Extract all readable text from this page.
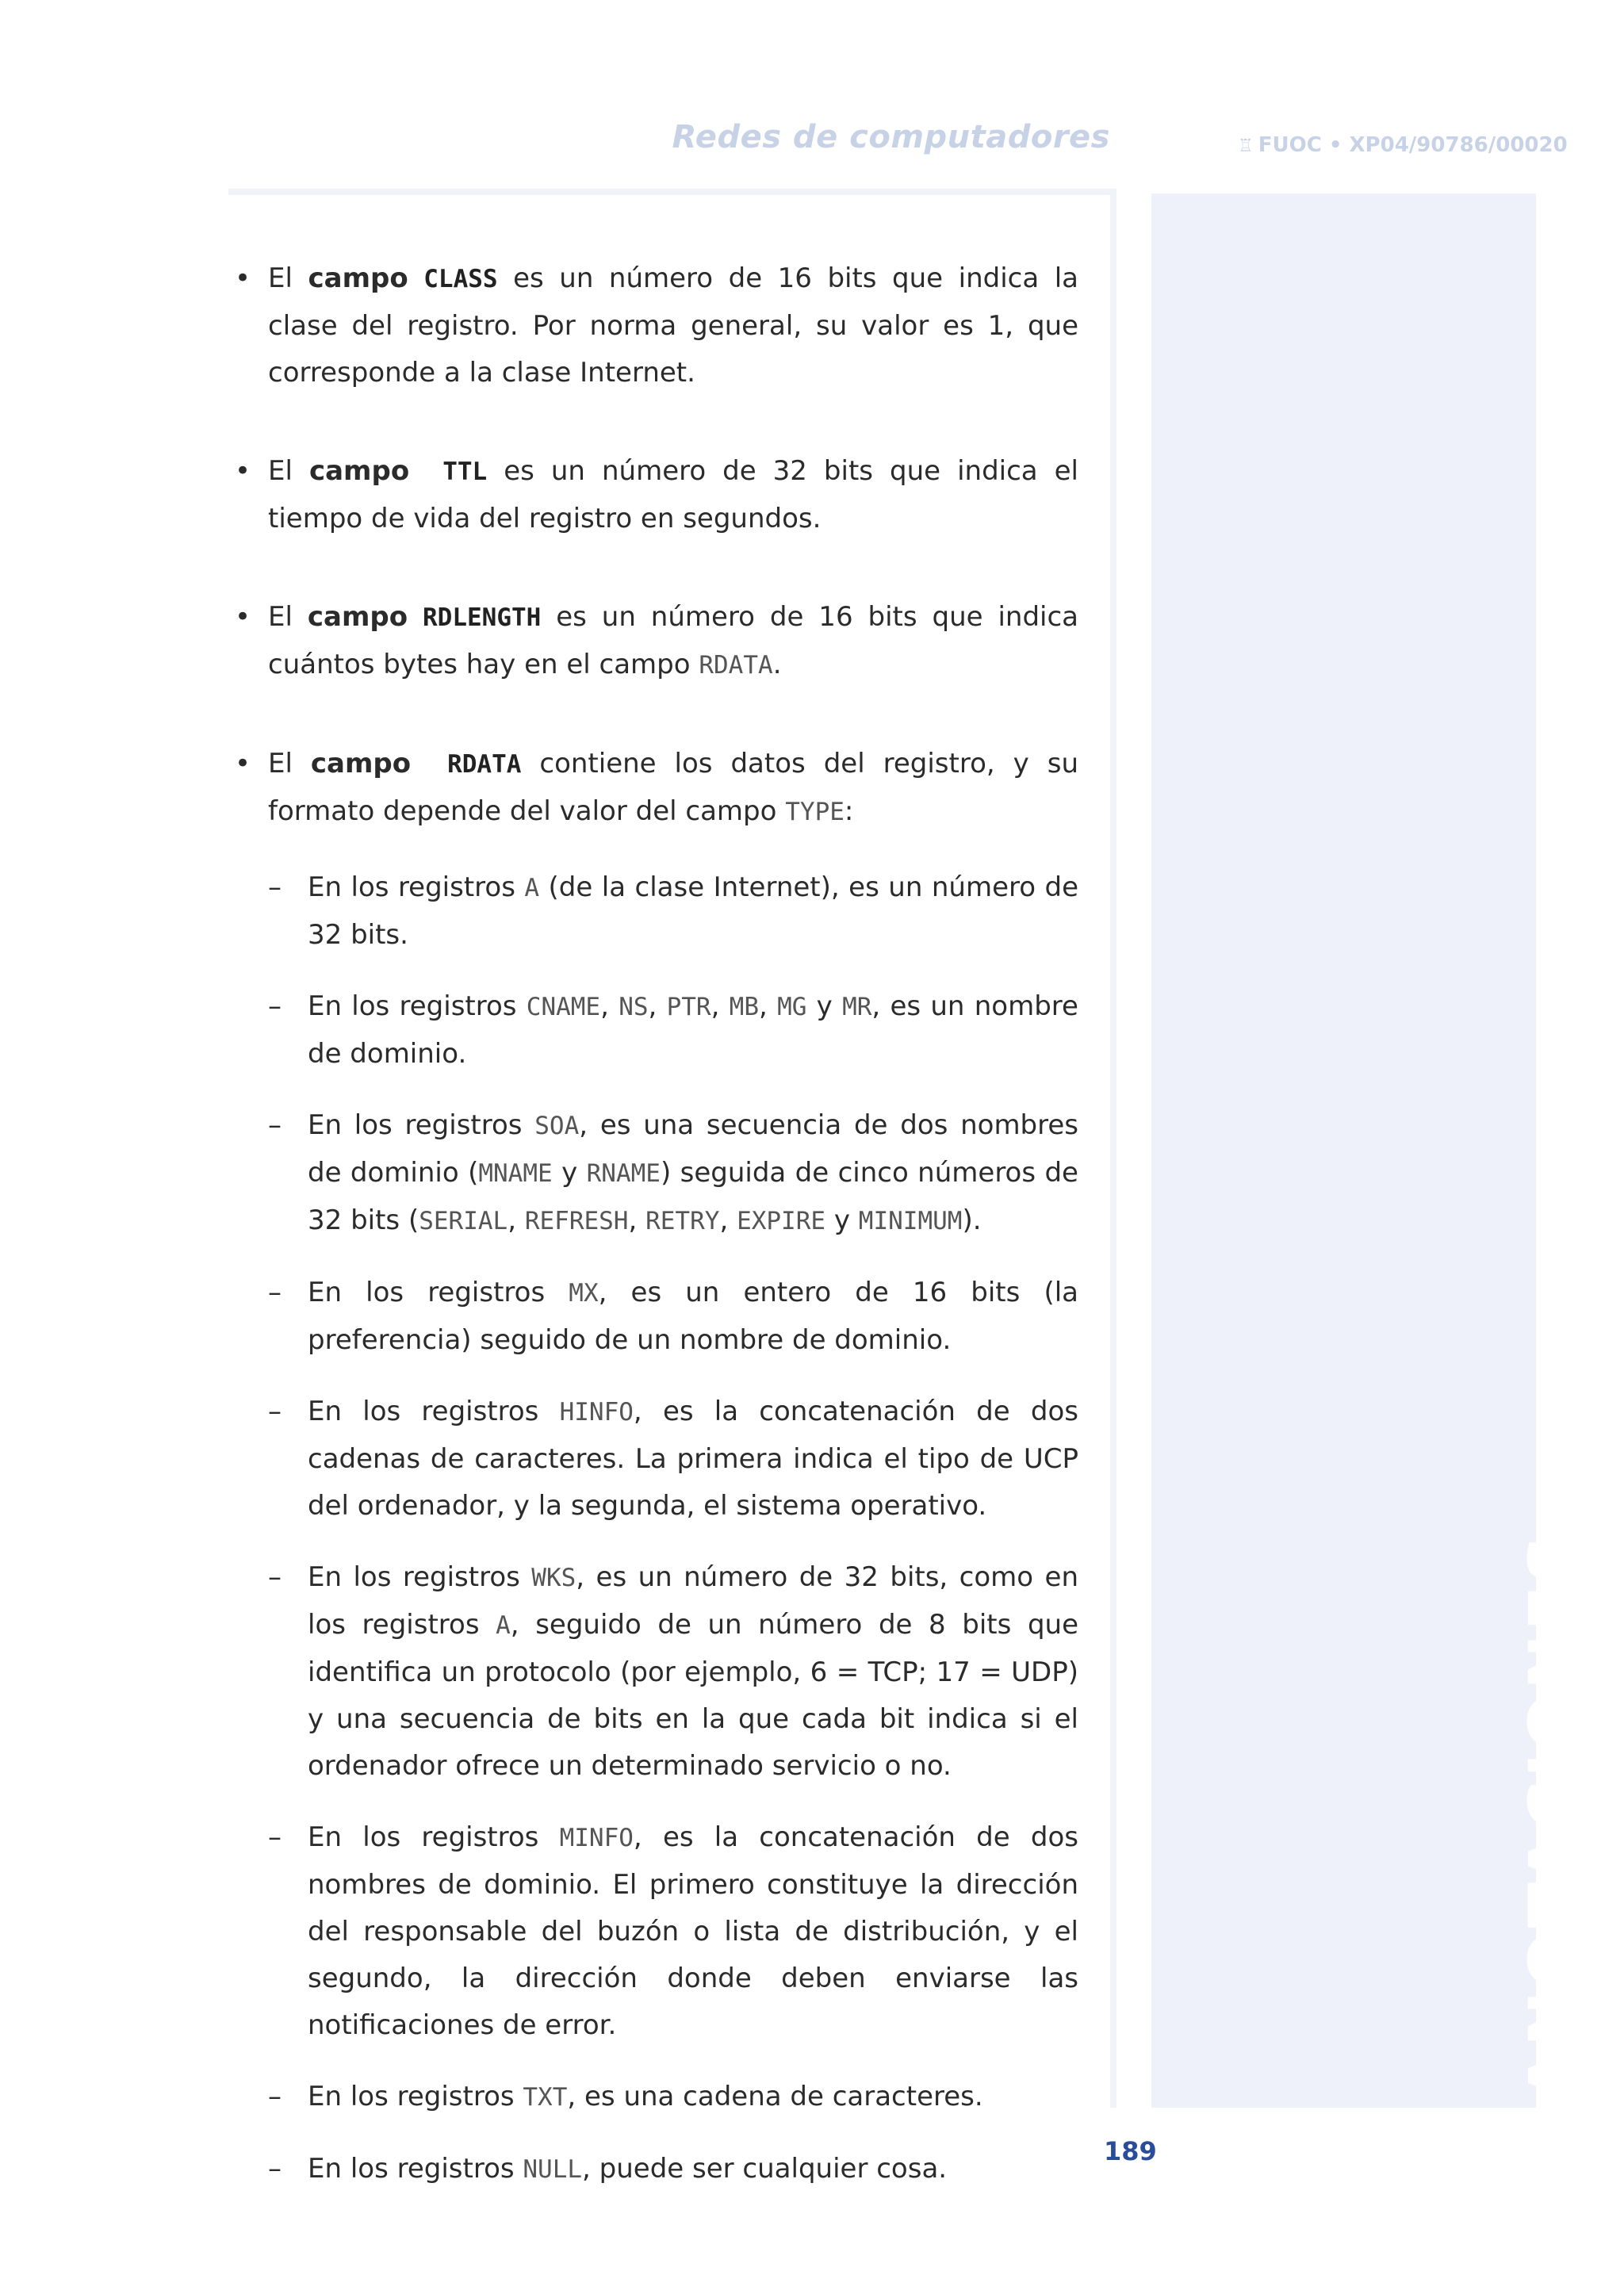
Redes de computadores	♖ FUOC • XP04/90786/00020
ANOTACIONES
• El campo CLASS es un número de 16 bits que indica la clase del registro. Por norma general, su valor es 1, que corresponde a la clase Internet.
• El campo TTL es un número de 32 bits que indica el tiempo de vida del registro en segundos.
• El campo RDLENGTH es un número de 16 bits que indica cuántos bytes hay en el campo RDATA.
• El campo RDATA contiene los datos del registro, y su formato depende del valor del campo TYPE:
– En los registros A (de la clase Internet), es un número de 32 bits.
– En los registros CNAME, NS, PTR, MB, MG y MR, es un nombre de dominio.
– En los registros SOA, es una secuencia de dos nombres de dominio (MNAME y RNAME) seguida de cinco números de 32 bits (SERIAL, REFRESH, RETRY, EXPIRE y MINIMUM).
– En los registros MX, es un entero de 16 bits (la preferencia) seguido de un nombre de dominio.
– En los registros HINFO, es la concatenación de dos cadenas de caracteres. La primera indica el tipo de UCP del ordenador, y la segunda, el sistema operativo.
– En los registros WKS, es un número de 32 bits, como en los registros A, seguido de un número de 8 bits que identifica un protocolo (por ejemplo, 6 = TCP; 17 = UDP) y una secuencia de bits en la que cada bit indica si el ordenador ofrece un determinado servicio o no.
– En los registros MINFO, es la concatenación de dos nombres de dominio. El primero constituye la dirección del responsable del buzón o lista de distribución, y el segundo, la dirección donde deben enviarse las notificaciones de error.
– En los registros TXT, es una cadena de caracteres.
– En los registros NULL, puede ser cualquier cosa.
189
